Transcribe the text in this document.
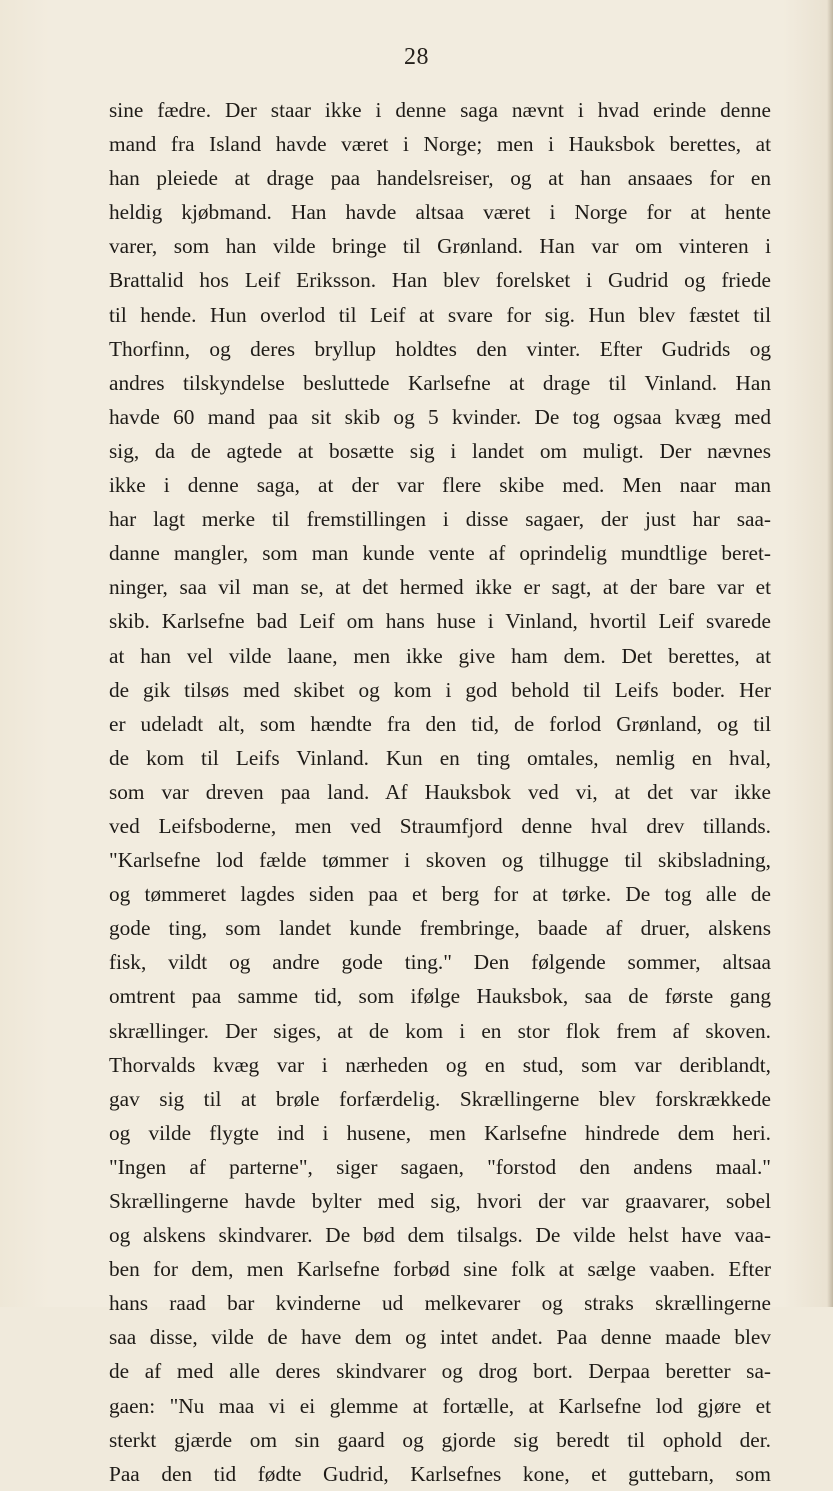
28
sine fædre. Der staar ikke i denne saga nævnt i hvad erinde denne
mand fra Island havde været i Norge; men i Hauksbok berettes, at
han pleiede at drage paa handelsreiser, og at han ansaaes for en
heldig kjøbmand. Han havde altsaa været i Norge for at hente
varer, som han vilde bringe til Grønland. Han var om vinteren i
Brattalid hos Leif Eriksson. Han blev forelsket i Gudrid og friede
til hende. Hun overlod til Leif at svare for sig. Hun blev fæstet til
Thorfinn, og deres bryllup holdtes den vinter. Efter Gudrids og
andres tilskyndelse besluttede Karlsefne at drage til Vinland. Han
havde 60 mand paa sit skib og 5 kvinder. De tog ogsaa kvæg med
sig, da de agtede at bosætte sig i landet om muligt. Der nævnes
ikke i denne saga, at der var flere skibe med. Men naar man
har lagt merke til fremstillingen i disse sagaer, der just har saa-
danne mangler, som man kunde vente af oprindelig mundtlige beret-
ninger, saa vil man se, at det hermed ikke er sagt, at der bare var et
skib. Karlsefne bad Leif om hans huse i Vinland, hvortil Leif svarede
at han vel vilde laane, men ikke give ham dem. Det berettes, at
de gik tilsøs med skibet og kom i god behold til Leifs boder. Her
er udeladt alt, som hændte fra den tid, de forlod Grønland, og til
de kom til Leifs Vinland. Kun en ting omtales, nemlig en hval,
som var dreven paa land. Af Hauksbok ved vi, at det var ikke
ved Leifsboderne, men ved Straumfjord denne hval drev tillands.
"Karlsefne lod fælde tømmer i skoven og tilhugge til skibsladning,
og tømmeret lagdes siden paa et berg for at tørke. De tog alle de
gode ting, som landet kunde frembringe, baade af druer, alskens
fisk, vildt og andre gode ting." Den følgende sommer, altsaa
omtrent paa samme tid, som ifølge Hauksbok, saa de første gang
skrællinger. Der siges, at de kom i en stor flok frem af skoven.
Thorvalds kvæg var i nærheden og en stud, som var deriblandt,
gav sig til at brøle forfærdelig. Skrællingerne blev forskrækkede
og vilde flygte ind i husene, men Karlsefne hindrede dem heri.
"Ingen af parterne", siger sagaen, "forstod den andens maal."
Skrællingerne havde bylter med sig, hvori der var graavarer, sobel
og alskens skindvarer. De bød dem tilsalgs. De vilde helst have vaa-
ben for dem, men Karlsefne forbød sine folk at sælge vaaben. Efter
hans raad bar kvinderne ud melkevarer og straks skrællingerne
saa disse, vilde de have dem og intet andet. Paa denne maade blev
de af med alle deres skindvarer og drog bort. Derpaa beretter sa-
gaen: "Nu maa vi ei glemme at fortælle, at Karlsefne lod gjøre et
sterkt gjærde om sin gaard og gjorde sig beredt til ophold der.
Paa den tid fødte Gudrid, Karlsefnes kone, et guttebarn, som
